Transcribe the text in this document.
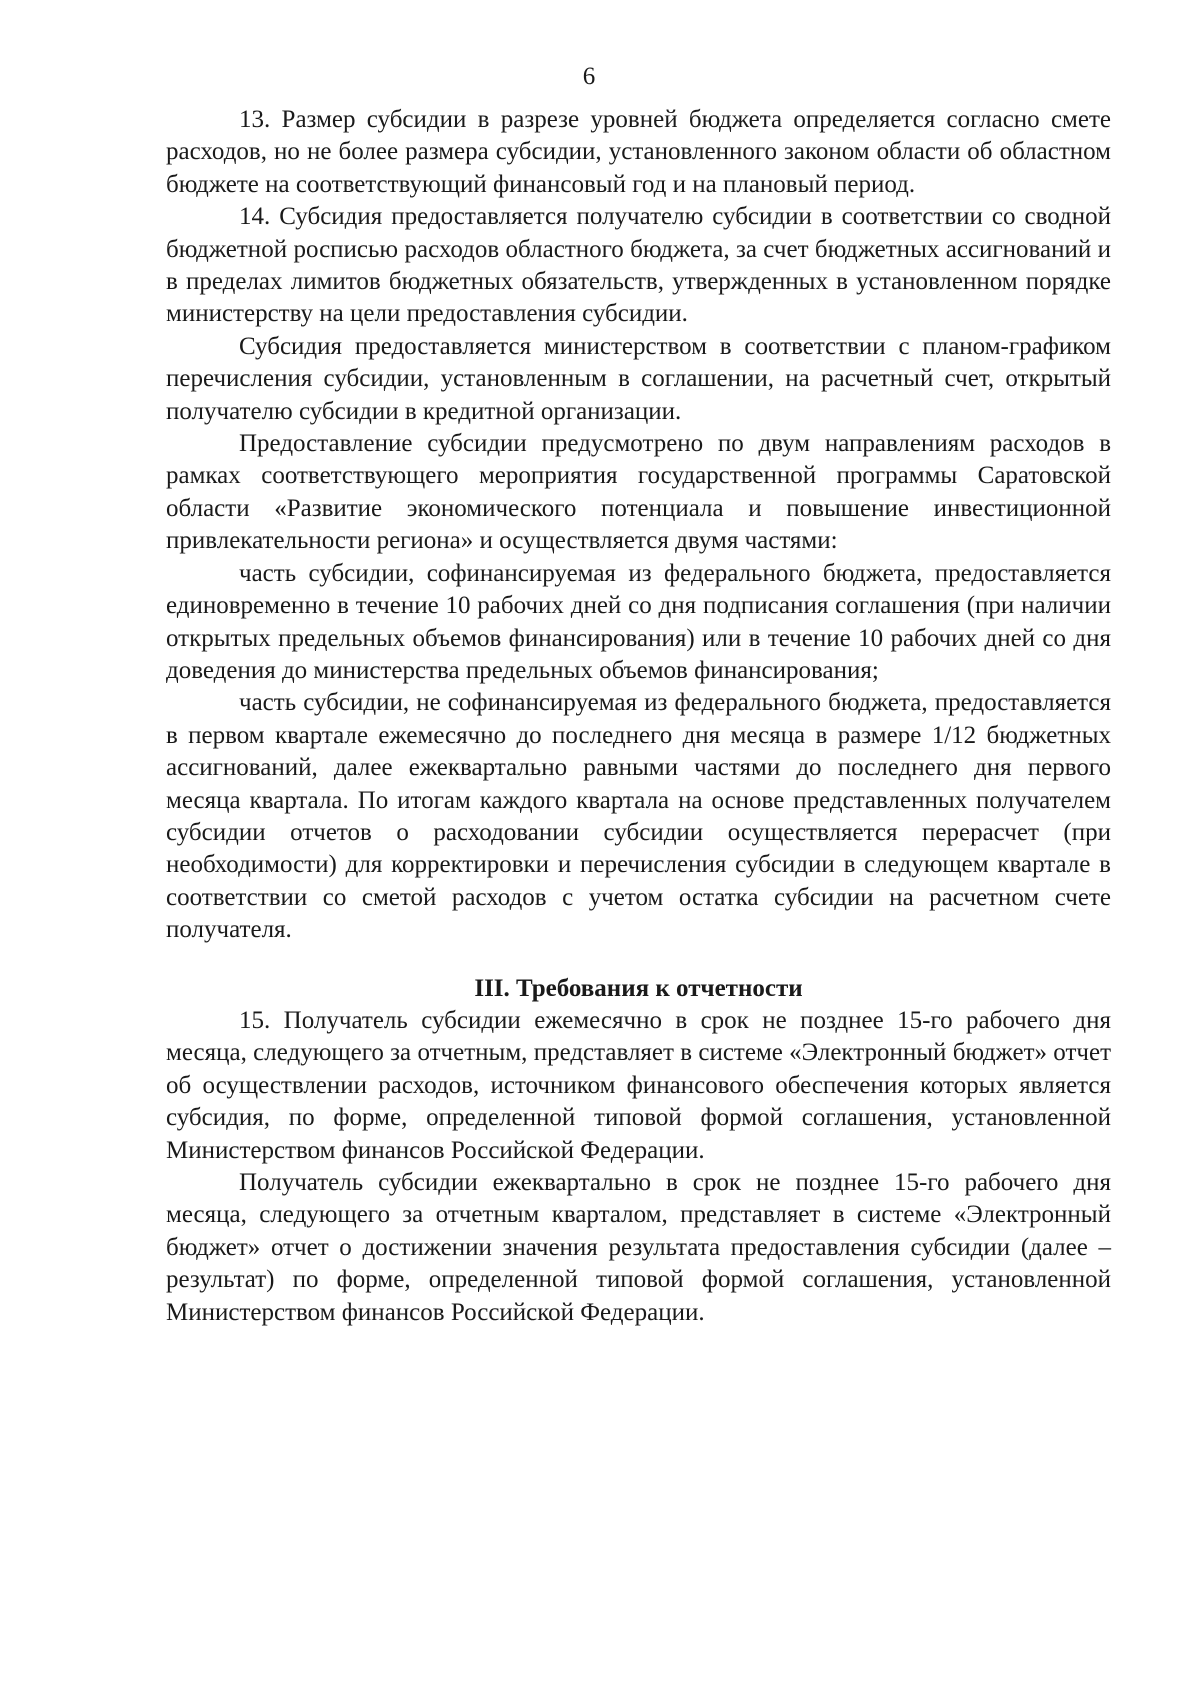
6

13. Размер субсидии в разрезе уровней бюджета определяется согласно смете расходов, но не более размера субсидии, установленного законом области об областном бюджете на соответствующий финансовый год и на плановый период.

14. Субсидия предоставляется получателю субсидии в соответствии со сводной бюджетной росписью расходов областного бюджета, за счет бюджетных ассигнований и в пределах лимитов бюджетных обязательств, утвержденных в установленном порядке министерству на цели предоставления субсидии.

Субсидия предоставляется министерством в соответствии с планом-графиком перечисления субсидии, установленным в соглашении, на расчетный счет, открытый получателю субсидии в кредитной организации.

Предоставление субсидии предусмотрено по двум направлениям расходов в рамках соответствующего мероприятия государственной программы Саратовской области «Развитие экономического потенциала и повышение инвестиционной привлекательности региона» и осуществляется двумя частями:

часть субсидии, софинансируемая из федерального бюджета, предоставляется единовременно в течение 10 рабочих дней со дня подписания соглашения (при наличии открытых предельных объемов финансирования) или в течение 10 рабочих дней со дня доведения до министерства предельных объемов финансирования;

часть субсидии, не софинансируемая из федерального бюджета, предоставляется в первом квартале ежемесячно до последнего дня месяца в размере 1/12 бюджетных ассигнований, далее ежеквартально равными частями до последнего дня первого месяца квартала. По итогам каждого квартала на основе представленных получателем субсидии отчетов о расходовании субсидии осуществляется перерасчет (при необходимости) для корректировки и перечисления субсидии в следующем квартале в соответствии со сметой расходов с учетом остатка субсидии на расчетном счете получателя.

III. Требования к отчетности

15. Получатель субсидии ежемесячно в срок не позднее 15-го рабочего дня месяца, следующего за отчетным, представляет в системе «Электронный бюджет» отчет об осуществлении расходов, источником финансового обеспечения которых является субсидия, по форме, определенной типовой формой соглашения, установленной Министерством финансов Российской Федерации.

Получатель субсидии ежеквартально в срок не позднее 15-го рабочего дня месяца, следующего за отчетным кварталом, представляет в системе «Электронный бюджет» отчет о достижении значения результата предоставления субсидии (далее – результат) по форме, определенной типовой формой соглашения, установленной Министерством финансов Российской Федерации.
